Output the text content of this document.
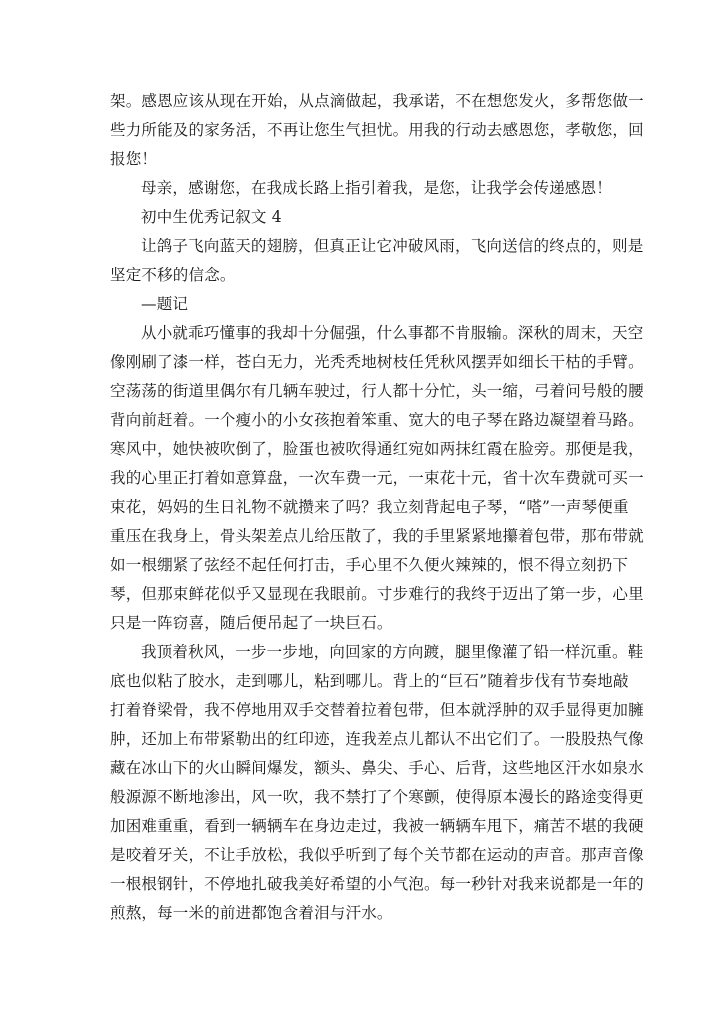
架。感恩应该从现在开始，从点滴做起，我承诺，不在想您发火，多帮您做一
些力所能及的家务活，不再让您生气担忧。用我的行动去感恩您，孝敬您，回
报您！
母亲，感谢您，在我成长路上指引着我，是您，让我学会传递感恩！
初中生优秀记叙文 4
让鸽子飞向蓝天的翅膀，但真正让它冲破风雨，飞向送信的终点的，则是
坚定不移的信念。
—题记
从小就乖巧懂事的我却十分倔强，什么事都不肯服输。深秋的周末，天空
像刚刷了漆一样，苍白无力，光秃秃地树枝任凭秋风摆弄如细长干枯的手臂。
空荡荡的街道里偶尔有几辆车驶过，行人都十分忙，头一缩，弓着问号般的腰
背向前赶着。一个瘦小的小女孩抱着笨重、宽大的电子琴在路边凝望着马路。
寒风中，她快被吹倒了，脸蛋也被吹得通红宛如两抹红霞在脸旁。那便是我，
我的心里正打着如意算盘，一次车费一元，一束花十元，省十次车费就可买一
束花，妈妈的生日礼物不就攒来了吗？我立刻背起电子琴，“嗒”一声琴便重
重压在我身上，骨头架差点儿给压散了，我的手里紧紧地攥着包带，那布带就
如一根绷紧了弦经不起任何打击，手心里不久便火辣辣的，恨不得立刻扔下
琴，但那束鲜花似乎又显现在我眼前。寸步难行的我终于迈出了第一步，心里
只是一阵窃喜，随后便吊起了一块巨石。
我顶着秋风，一步一步地，向回家的方向踱，腿里像灌了铅一样沉重。鞋
底也似粘了胶水，走到哪儿，粘到哪儿。背上的“巨石”随着步伐有节奏地敲
打着脊梁骨，我不停地用双手交替着拉着包带，但本就浮肿的双手显得更加臃
肿，还加上布带紧勒出的红印迹，连我差点儿都认不出它们了。一股股热气像
藏在冰山下的火山瞬间爆发，额头、鼻尖、手心、后背，这些地区汗水如泉水
般源源不断地渗出，风一吹，我不禁打了个寒颤，使得原本漫长的路途变得更
加困难重重，看到一辆辆车在身边走过，我被一辆辆车甩下，痛苦不堪的我硬
是咬着牙关，不让手放松，我似乎听到了每个关节都在运动的声音。那声音像
一根根钢针，不停地扎破我美好希望的小气泡。每一秒针对我来说都是一年的
煎熬，每一米的前进都饱含着泪与汗水。
